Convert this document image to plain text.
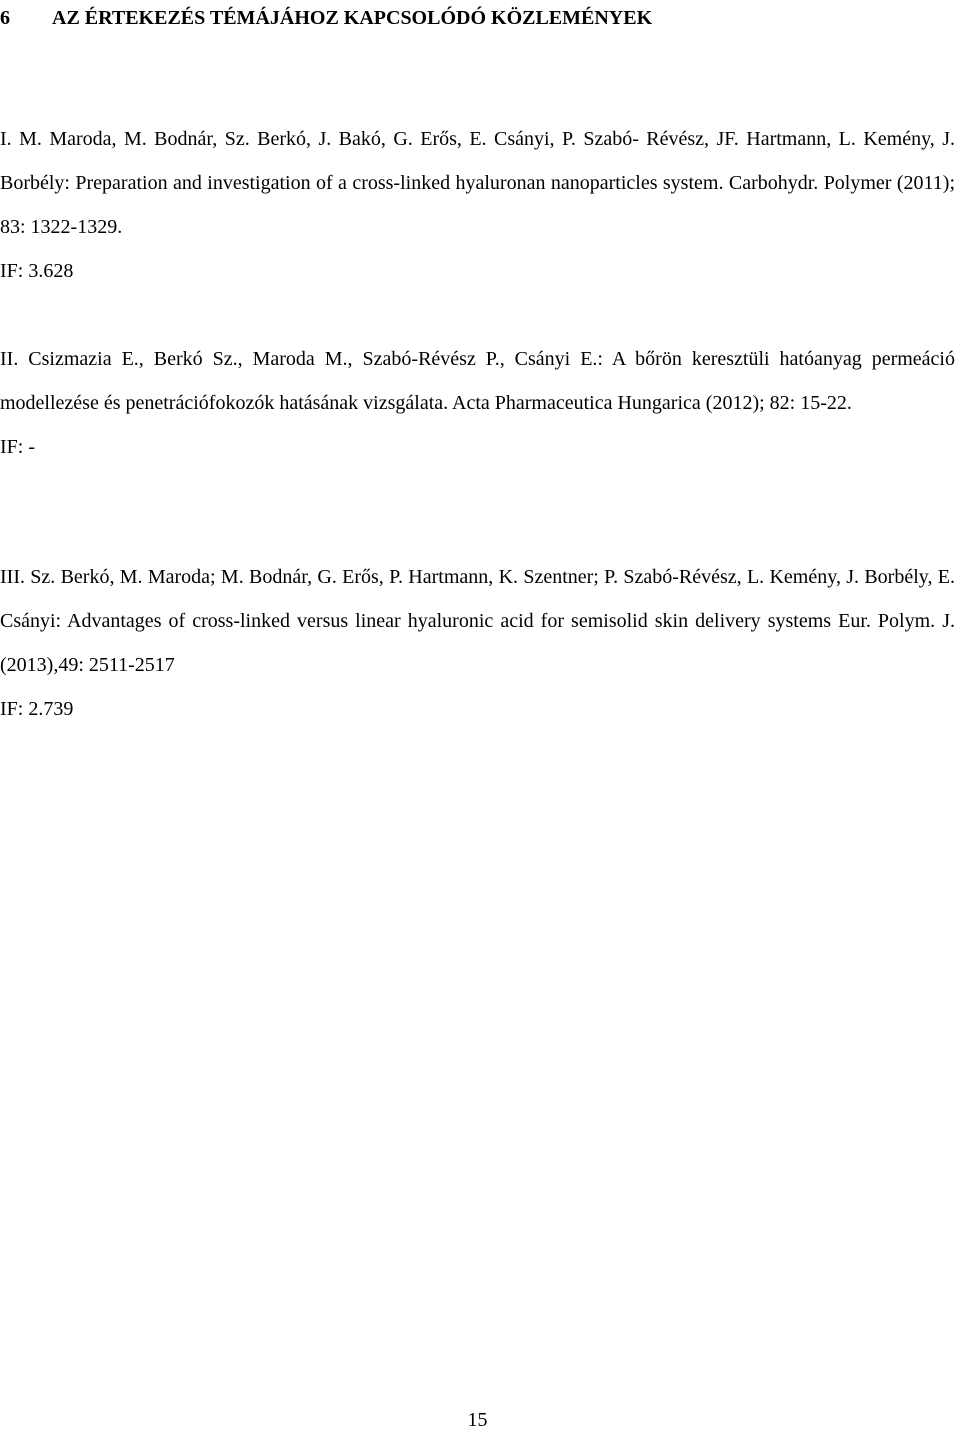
6 AZ ÉRTEKEZÉS TÉMÁJÁHOZ KAPCSOLÓDÓ KÖZLEMÉNYEK
I. M. Maroda, M. Bodnár, Sz. Berkó, J. Bakó, G. Erős, E. Csányi, P. Szabó- Révész, JF. Hartmann, L. Kemény, J. Borbély: Preparation and investigation of a cross-linked hyaluronan nanoparticles system. Carbohydr. Polymer (2011); 83: 1322-1329.
IF: 3.628
II. Csizmazia E., Berkó Sz., Maroda M., Szabó-Révész P., Csányi E.: A bőrön keresztüli hatóanyag permeáció modellezése és penetrációfokozók hatásának vizsgálata. Acta Pharmaceutica Hungarica (2012); 82: 15-22.
IF: -
III. Sz. Berkó, M. Maroda; M. Bodnár, G. Erős, P. Hartmann, K. Szentner; P. Szabó-Révész, L. Kemény, J. Borbély, E. Csányi: Advantages of cross-linked versus linear hyaluronic acid for semisolid skin delivery systems Eur. Polym. J. (2013),49: 2511-2517
IF: 2.739
15
